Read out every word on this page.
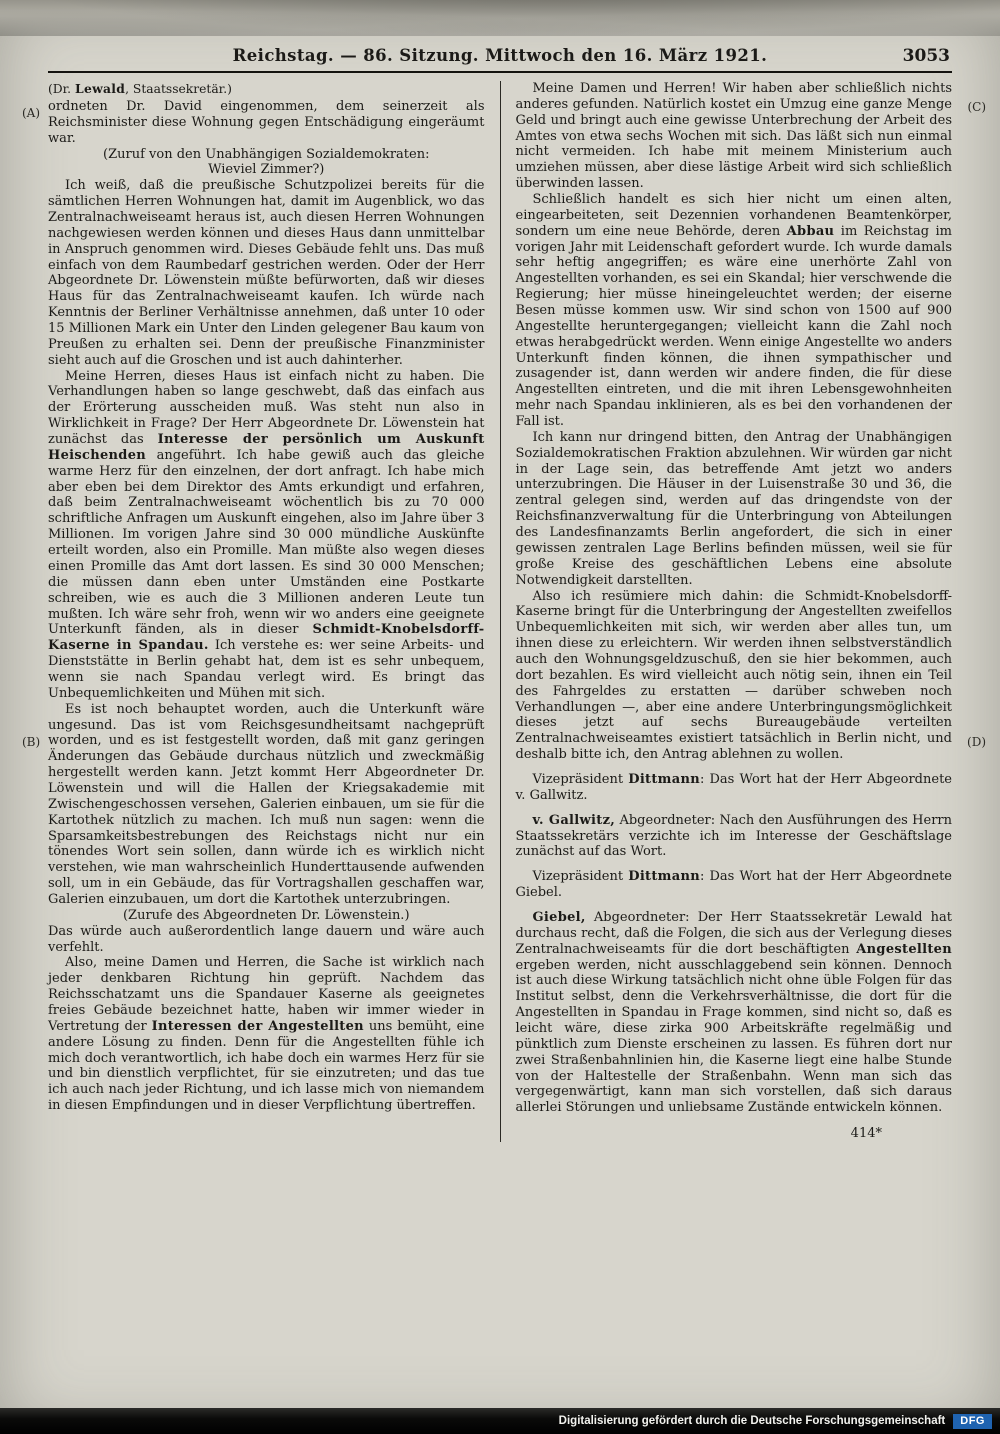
Reichstag. — 86. Sitzung. Mittwoch den 16. März 1921.	3053
(A)
(B)
(C)
(D)

(Dr. Lewald, Staatssekretär.)

ordneten Dr. David eingenommen, dem seinerzeit als Reichsminister diese Wohnung gegen Entschädigung eingeräumt war.

(Zuruf von den Unabhängigen Sozialdemokraten:

Wieviel Zimmer?)

Ich weiß, daß die preußische Schutzpolizei bereits für die sämtlichen Herren Wohnungen hat, damit im Augenblick, wo das Zentralnachweiseamt heraus ist, auch diesen Herren Wohnungen nachgewiesen werden können und dieses Haus dann unmittelbar in Anspruch genommen wird. Dieses Gebäude fehlt uns. Das muß einfach von dem Raumbedarf gestrichen werden. Oder der Herr Abgeordnete Dr. Löwenstein müßte befürworten, daß wir dieses Haus für das Zentralnachweiseamt kaufen. Ich würde nach Kenntnis der Berliner Verhältnisse annehmen, daß unter 10 oder 15 Millionen Mark ein Unter den Linden gelegener Bau kaum von Preußen zu erhalten sei. Denn der preußische Finanzminister sieht auch auf die Groschen und ist auch dahinterher.

Meine Herren, dieses Haus ist einfach nicht zu haben. Die Verhandlungen haben so lange geschwebt, daß das einfach aus der Erörterung ausscheiden muß. Was steht nun also in Wirklichkeit in Frage? Der Herr Abgeordnete Dr. Löwenstein hat zunächst das Interesse der persönlich um Auskunft Heischenden angeführt. Ich habe gewiß auch das gleiche warme Herz für den einzelnen, der dort anfragt. Ich habe mich aber eben bei dem Direktor des Amts erkundigt und erfahren, daß beim Zentralnachweiseamt wöchentlich bis zu 70 000 schriftliche Anfragen um Auskunft eingehen, also im Jahre über 3 Millionen. Im vorigen Jahre sind 30 000 mündliche Auskünfte erteilt worden, also ein Promille. Man müßte also wegen dieses einen Promille das Amt dort lassen. Es sind 30 000 Menschen; die müssen dann eben unter Umständen eine Postkarte schreiben, wie es auch die 3 Millionen anderen Leute tun mußten. Ich wäre sehr froh, wenn wir wo anders eine geeignete Unterkunft fänden, als in dieser Schmidt-Knobelsdorff-Kaserne in Spandau. Ich verstehe es: wer seine Arbeits- und Dienststätte in Berlin gehabt hat, dem ist es sehr unbequem, wenn sie nach Spandau verlegt wird. Es bringt das Unbequemlichkeiten und Mühen mit sich.

Es ist noch behauptet worden, auch die Unterkunft wäre ungesund. Das ist vom Reichsgesundheitsamt nachgeprüft worden, und es ist festgestellt worden, daß mit ganz geringen Änderungen das Gebäude durchaus nützlich und zweckmäßig hergestellt werden kann. Jetzt kommt Herr Abgeordneter Dr. Löwenstein und will die Hallen der Kriegsakademie mit Zwischengeschossen versehen, Galerien einbauen, um sie für die Kartothek nützlich zu machen. Ich muß nun sagen: wenn die Sparsamkeitsbestrebungen des Reichstags nicht nur ein tönendes Wort sein sollen, dann würde ich es wirklich nicht verstehen, wie man wahrscheinlich Hunderttausende aufwenden soll, um in ein Gebäude, das für Vortragshallen geschaffen war, Galerien einzubauen, um dort die Kartothek unterzubringen.

(Zurufe des Abgeordneten Dr. Löwenstein.)

Das würde auch außerordentlich lange dauern und wäre auch verfehlt.

Also, meine Damen und Herren, die Sache ist wirklich nach jeder denkbaren Richtung hin geprüft. Nachdem das Reichsschatzamt uns die Spandauer Kaserne als geeignetes freies Gebäude bezeichnet hatte, haben wir immer wieder in Vertretung der Interessen der Angestellten uns bemüht, eine andere Lösung zu finden. Denn für die Angestellten fühle ich mich doch verantwortlich, ich habe doch ein warmes Herz für sie und bin dienstlich verpflichtet, für sie einzutreten; und das tue ich auch nach jeder Richtung, und ich lasse mich von niemandem in diesen Empfindungen und in dieser Verpflichtung übertreffen.

Meine Damen und Herren! Wir haben aber schließlich nichts anderes gefunden. Natürlich kostet ein Umzug eine ganze Menge Geld und bringt auch eine gewisse Unterbrechung der Arbeit des Amtes von etwa sechs Wochen mit sich. Das läßt sich nun einmal nicht vermeiden. Ich habe mit meinem Ministerium auch umziehen müssen, aber diese lästige Arbeit wird sich schließlich überwinden lassen.

Schließlich handelt es sich hier nicht um einen alten, eingearbeiteten, seit Dezennien vorhandenen Beamtenkörper, sondern um eine neue Behörde, deren Abbau im Reichstag im vorigen Jahr mit Leidenschaft gefordert wurde. Ich wurde damals sehr heftig angegriffen; es wäre eine unerhörte Zahl von Angestellten vorhanden, es sei ein Skandal; hier verschwende die Regierung; hier müsse hineingeleuchtet werden; der eiserne Besen müsse kommen usw. Wir sind schon von 1500 auf 900 Angestellte heruntergegangen; vielleicht kann die Zahl noch etwas herabgedrückt werden. Wenn einige Angestellte wo anders Unterkunft finden können, die ihnen sympathischer und zusagender ist, dann werden wir andere finden, die für diese Angestellten eintreten, und die mit ihren Lebensgewohnheiten mehr nach Spandau inklinieren, als es bei den vorhandenen der Fall ist.

Ich kann nur dringend bitten, den Antrag der Unabhängigen Sozialdemokratischen Fraktion abzulehnen. Wir würden gar nicht in der Lage sein, das betreffende Amt jetzt wo anders unterzubringen. Die Häuser in der Luisenstraße 30 und 36, die zentral gelegen sind, werden auf das dringendste von der Reichsfinanzverwaltung für die Unterbringung von Abteilungen des Landesfinanzamts Berlin angefordert, die sich in einer gewissen zentralen Lage Berlins befinden müssen, weil sie für große Kreise des geschäftlichen Lebens eine absolute Notwendigkeit darstellten.

Also ich resümiere mich dahin: die Schmidt-Knobelsdorff-Kaserne bringt für die Unterbringung der Angestellten zweifellos Unbequemlichkeiten mit sich, wir werden aber alles tun, um ihnen diese zu erleichtern. Wir werden ihnen selbstverständlich auch den Wohnungsgeldzuschuß, den sie hier bekommen, auch dort bezahlen. Es wird vielleicht auch nötig sein, ihnen ein Teil des Fahrgeldes zu erstatten — darüber schweben noch Verhandlungen —, aber eine andere Unterbringungsmöglichkeit dieses jetzt auf sechs Bureaugebäude verteilten Zentralnachweiseamtes existiert tatsächlich in Berlin nicht, und deshalb bitte ich, den Antrag ablehnen zu wollen.

Vizepräsident Dittmann: Das Wort hat der Herr Abgeordnete v. Gallwitz.

v. Gallwitz, Abgeordneter: Nach den Ausführungen des Herrn Staatssekretärs verzichte ich im Interesse der Geschäftslage zunächst auf das Wort.

Vizepräsident Dittmann: Das Wort hat der Herr Abgeordnete Giebel.

Giebel, Abgeordneter: Der Herr Staatssekretär Lewald hat durchaus recht, daß die Folgen, die sich aus der Verlegung dieses Zentralnachweiseamts für die dort beschäftigten Angestellten ergeben werden, nicht ausschlaggebend sein können. Dennoch ist auch diese Wirkung tatsächlich nicht ohne üble Folgen für das Institut selbst, denn die Verkehrsverhältnisse, die dort für die Angestellten in Spandau in Frage kommen, sind nicht so, daß es leicht wäre, diese zirka 900 Arbeitskräfte regelmäßig und pünktlich zum Dienste erscheinen zu lassen. Es führen dort nur zwei Straßenbahnlinien hin, die Kaserne liegt eine halbe Stunde von der Haltestelle der Straßenbahn. Wenn man sich das vergegenwärtigt, kann man sich vorstellen, daß sich daraus allerlei Störungen und unliebsame Zustände entwickeln können.

414*

Digitalisierung gefördert durch die Deutsche Forschungsgemeinschaft	DFG
